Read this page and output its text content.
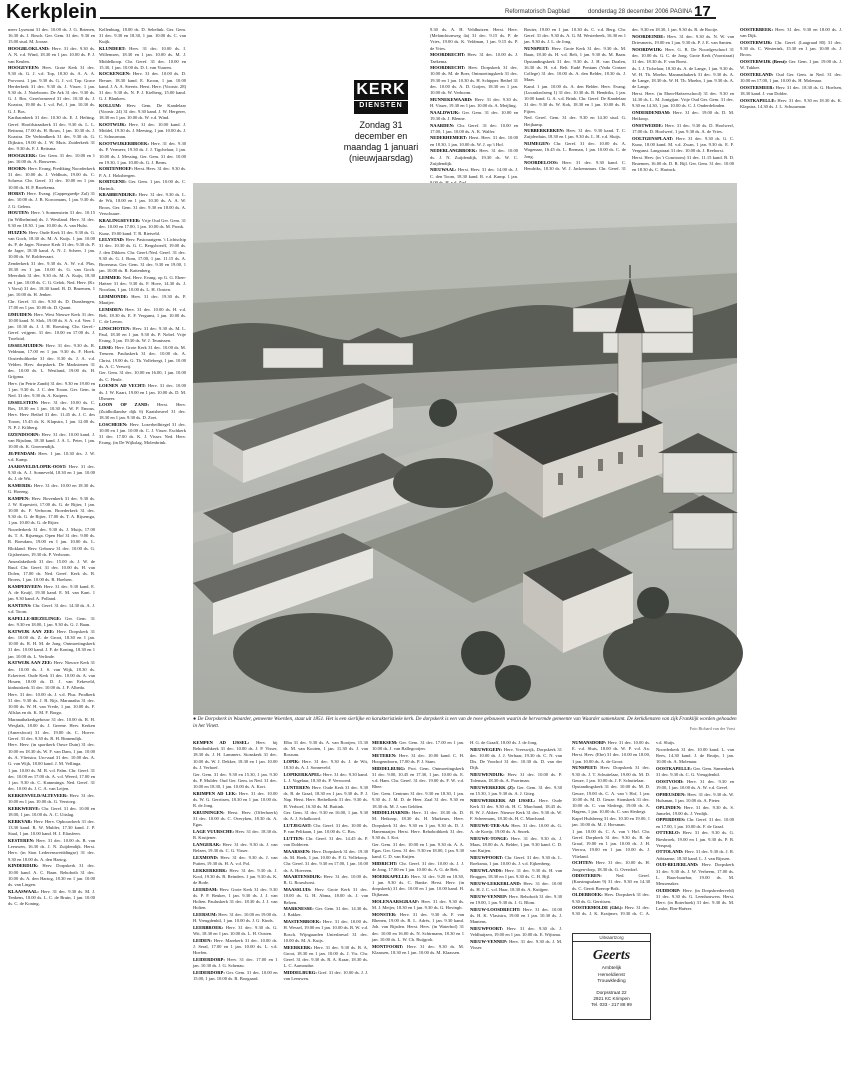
Kerkplein	Reformatorisch Dagblad	donderdag 28 december 2006 PAGINA 17
meer Lyseumi 31 dec. 10.00 ds. J. G. Brienen, 16.30 ds. J. Bosch. Ger. Gem. 31 dec. 9.30 en 15.00 stud. M. Joosse.
HOOGBLOKLAND: Herv. 31 dec. 9.30 ds. A. N. v.d. Wind, 18.30 en 1 jan. 10.00 ds. P. J. van Keulen.
HOOGEVEEN: Herv. Grote Kerk 31 dec. 9.30 ds. G. J. v.d. Top, 18.30 ds. A. A. A. Provoost. 1 jan. 9.30 ds. G. J. v.d. Top. Grace Herderkerk 31 dec. 9.30 ds. J. Visser. 1 jan. 9.30 ds. J. Noteboom. De Ark 31 dec. 9.30 ds. G. J. Bos. Gereformeerd 31 dec. 10.30 ds. J. Koastra, 19.00 ds. I. v.d. Pol, 1 jan. 10.30 ds. G. J. Bos.
Karibaonkerk 31 dec. 10.30 ds. E. J. Hefting. Geref. Hoofdstraatkerk 31 dec. 9.30 ds. L. L. Reitsma, 17.00 ds. H. Bouw, 1 jan. 10.30 ds. J. Koastra. De Verbindkerk 31 dec. 9.30 ds. G. Dijkstra, 19.00 ds. J. W. Muis. Zuiderkerk 31 dec. 9.30 ds. F. J. Reitsma.
HOOGKERK: Ger. Gem. 31 dec. 10.00 en 1 jan. 10.00 ds. A. Bouwens.
HOORN: Herv. Evang. Prediking Noorderkerk 31 dec. 10.00 ds. J. Veldhuis, 19.00 ds. C. Schreur. Chr. Geref. 31 dec. 10.00 en 1 jan. 10.00 ds. H. P. Broekema.
HORST: Herv. Evang. (Cappergaedje Zal) 31 dec. 10.00 ds. J. B. Korcomans, 1 jan. 9.30 ds. J. G. Gelens.
HOUTEN: Herv. 't Sonnenstein 31 dec. 10.15 (in Wilhelmina) ds. J. Westland. Herv. 31 dec. 9.30 en 18.30. 1 jan. 10.00 ds. A. van Hulst.
HUIZEN: Herv. Oude Kerk 31 dec. 9.30 ds. G. van Goch, 18.30 ds. M. A. Kuijs. 1 jan. 10.00 ds. P. de Jager. Nieuwe Kerk 31 dec. 9.30 ds. P. de Jager, 18.30 kand. A. N. J. Scheer, 1 jan. 10.00 ds. W. Roldervaart.
Zenderkerk 31 dec. 9.30 ds. A. W. v.d. Plas, 18.30 en 1 jan. 10.00 ds. G. van Goch. Meerdink 31 dec. 9.30 ds. M. A. Kuijs, 18.30 en 1 jan. 10.00 ds. C. G. Gelok. Ned. Herv. (Kr. 't Vorst) 31 dec. 18.30 kand. B. D. Bruemen, 1 jan. 10.00 ds. H. Jenker.
Chr. Geref. 31 dec. 9.30 ds. D. Dunsbergen, 17.00 en 1 jan. 10.00 ds. D. Quant.
IJMUIDEN: Herv. West Nieuwe Kerk 31 dec. 10.00 kand. N. Slok, 19.00 ds. S. A. v.d. Veer. 1 jan. 10.30 ds. J. J. H. Roesting. Chr. Geref.-Geref. vrijgem. 31 dec. 10.00 en 17.00 ds. J. Troelstal.
IJSSELMUIDEN: Herv. 31 dec. 9.30 ds. R. Veldman, 17.00 en 1 jan. 9.30 ds. F. Hoek. Oosterholtkerke 31 dec. 8.30 ds. J. A. v.d. Velden. Herv. dorpskerk. De Markstenen 31 dec. 10.00 ds. L. Westland, 19.00 ds. H. Grijpma.
Herv. (in Petrie Zandt) 31 dec. 9.30 en 19.00 en 1 jan. 9.30 ds. J. C. den Tooon. Ger. Gem. in Ned. 31 dec. 9.30 ds. A. Kuipers.
IJSSELSTEIN: Herv. 31 dec. 10.00 ds. C. Bos, 18.30 en 1 jan. 10.30 ds. W. P. Emous. Herv. Herv. Bethel 31 dec. 11.45 ds. J. C. des Tooon, 15.45 ds. K. Klapstra, 1 jan. 12.00 ds. N. P. J. Kiliberg.
IJZENDOORN: Herv. 31 dec. 10.00 kand. J. van Rijsdam, 18.30 kand. J. A. L. Peter, 1 jan. 10.00 ds. K. Groenendijk.
JE/PENDAM: Herv. 1 jan. 10.30 drs. J. W. v.d. Kamp.
JAARSVELD/LOPIK-OOST: Herv. 31 dec. 9.30 ds. A. J. Sonneveld, 18.30 en 1 jan. 10.00 ds. J. de Wit.
KAMERIK: Herv. 31 dec. 10.00 en 18.30 ds. G. Hoeeng.
KAMPEN: Herv. Bovenkerk 31 dec. 9.30 ds. J. W. Kopesteit, 17.00 ds. G. de Rijter, 1 jan. 10.00 ds. F. Verboom. Broederkerk 31 dec. 9.30 ds. G. de Rijter, 17.00 ds. T. A. Rijsemga, 1 jan. 10.00 ds. G. de Rijter.
Noorderkerk 31 dec. 9.30 ds. J. Muijs, 17.00 ds. T. A. Rijsemga. Open Hof 31 dec. 9.00 ds. R. Boesdam, 19.00 en 1 jan. 10.00 ds. L. Blokland. Herv. Gebouw 31 dec. 10.00 ds. G. Gijsbertsen, 19.30 ds. P. Verboom.
Ansealakeikerk 31 dec. 15.00 ds. J. W. de Ruuf. Chr. Geref. 31 dec. 10.00 ds. H. van Dolen, 17.00 ds. Ned. Geref. Kerk ds. B. Broers, 1 jan. 10.00 ds. R. Hoelsen.
KAMPERVEEN: Herv. 31 dec. 9.30 kand. E. A. de Kruijf, 19.30 kand. E. M. van Kant. 1 jan. 9.30 kand. A. Polland.
KANTENS: Chr. Geref. 31 dec. 14.30 ds. A. J. v.d. Toorn.
KAPELLE-BIEZELINGE: Ger. Gem. 31 dec. 9.30 en 18.00, 1 jan. 9.30 ds. G. J. Baan.
KATWIJK AAN ZEE: Herv. Dorpskerk 31 dec. 10.00 ds. Z. de Groot, 18.30 en 1 jan. 10.00 ds. R. H. M. de Jong. Ontmoetingskerk 31 dec. 10.00 kand. J. F. de Koning, 18.30 en 1 jan. 10.00 ds. L. Verlinde.
KATWIJK AAN ZEE: Herv. Nieuwe Kerk 31 dec. 10.00 ds. J. S. van Wijk, 18.30 ds. Eckertvei. Oude Kerk 31 dec. 10.00 ds. A. van Houen, 18.00 ds. D. J. van Eekeveld, kinhuiskerk 31 dec. 10.00 ds. J. F. Albeda.
Herv. 31 dec. 10.00 ds. J. v.d. Plus. Prodkerk 31 dec. 9.30 ds. J. B. Rijs. Maranatha 31 dec. 10.00 ds. W. H. van Vrede, 1 jan. 10.00 ds. F. Allslas en ds. K. M. F. Borgo.
Maranathakerkgebouw 31 dec. 10.00 ds. R. H. Wesjlaik, 18.00 ds. J. Greene. Herv. Kerken (Amersfoort) 31 dec. 19.00 ds. C. Hoeve. Geref. 31 dec. 9.30 ds. R. H. Binnendijk.
Herv. Herv. (in sportkerk Ouwe Duin) 31 dec. 10.00 en 18.30 ds. W. F. van Dam, 1 jan. 10.00 ds. A. Vlietstra. Uro-zaal 31 dec. 10.00 drs. A. G. van Wijk, 18.00 kand. J. M. Vellinga.
1 jan. 10.00 ds. M. B. v.d. Palm. Chr. Geref. 31 dec. 10.00 en 17.00 ds. A. v.d. Weerd, 17.00 en 1 jan. 9.30 ds. C. Kamminga. Ned. Geref. 31 dec. 10.00 ds. J. C. A. van Leijen.
KERKENVELD/ALTEVEER: Herv. 31 dec. 10.00 en 1 jan. 10.00 ds. G. Verstoeg.
KERKWERVE: Chr. Geref. 31 dec. 10.00 en 18.00, 1 jan. 10.00 ds. A. C. Uitslag.
KERKVAR: Herv. Herv. Opbouwkerk 31 dec. 13.30 kand. R. W. Mulder, 17.30 kand. J. P. Staal, 1 jan. 10.00 kand. H. J. Eliasfeen.
KESTEREN: Herv. 31 dec. 10.00 ds. B. van Leeuwen, 16.30 ds. J. N. Zuijdendijk. Herst. Herv. (in Sion Lederensweiddingse) 31 dec. 9.30 en 18.00 ds. A. den Hartog.
KINDERDIJK: Herv. Dorpskerk 31 dec. 10.00 kand. A. C. Baan. Rehoboth 31 dec. 10.00 ds. A. den Hartog, 18.30 en 1 jan. 10.00 ds. van Lingen.
KLAASWAAL: Herv. 31 dec. 9.30 ds. M. J. Tenkens, 18.00 ds. L. C. de Bruin, 1 jan. 10.00 ds. C. de Koning.
Kellenburg, 18.00 ds. D. Sebelink. Ger. Gem. 31 dec. 9.30 en 18.30, 1 jan. 10.00 ds. C. van Kuijk.
KLUNDERT: Herv. 31 dec. 10.00 ds. I. Willemsen, 18.30 en 1 jan. 10.00 ds. M. J. Middelkoop. Chr. Geref. 31 dec. 10.00 en 15.30, 1 jan. 10.00 ds. D. I. van Vuuren.
KOCKENGEN: Herv. 31 dec. 10.00 ds. D. Breure, 18.30 kand. E. Kroon, 1 jan. 10.00 kand. J. A. A. Steerts. Herst. Herv. (Voorstr. 28) 31 dec. 9.30 ds. N. P. J. Kielberg, 15.00 kand. G. J. Blankers.
KOLLUM: Herv. Gem. De Kandelaar (Voorstr. 24) 31 dec. 9.30 kand. J. W. Hergerer, 18.30 en 1 jan. 10.00 ds. W. v.d. Wind.
KOOTWIJK: Herv. 31 dec. 10.00 kand. J. Middel, 19.30 ds. J. Meesing, 1 jan. 10.00 ds. J. C. Schuurman.
KOOTWIJKERBROEK: Herv. 31 dec. 9.30 ds. P. Vermeer, 19.30 ds. J. J. Tigchelaar, 1 jan. 10.00 ds. J. Messing. Ger. Gem. 31 dec. 10.00 en 19.30, 1 jan. 10.00 ds. G. J. Berns.
KORTENHOEF: Herst. Herv. 31 dec. 9.30 ds. P. A. J. Hoksbergen.
KORTGENE: Ger. Gem. 1 jan. 10.00 ds. C. Harinck.
KRABBENDIJKE: Herv. 31 dec. 9.30 ds. L. de Wit, 18.00 en 1 jan. 10.30 ds. A. A. W. Broos. Ger. Gem. 31 dec. 9.30 en 18.00 ds. A. Verschuure.
KRALINGSEVEER: Vrije Oud Ger. Gem. 31 dec. 10.00 en 17.00, 1 jan. 10.00 ds. M. Pronk.
Kunz, 19.00 kand. T. R. Rietveld.
LELYSTAD: Herv. Pastoraatgem. 't Lichtschip 31 dec. 10.30 ds. G. C. Bergsboerff, 19.00 ds. J. den Dikken. Chr. Geref./Ned. Geref. 31 dec. 9.30 ds. G. J. Bom, 17.00, 1 jan. 11.15 ds. A. Broersma. Ger. Gem. 31 dec. 9.30 en 19.00, 1 jan. 10.00 ds. R. Kattenberg.
LEMMER: Ned. Herv. Evang. op G. G. Eben-Haëzer 31 dec. 9.30 ds. F. Hove, 14.30 ds. J. Noorlam, 1 jan. 10.00 ds. L. H. Oosten.
LEMMONDE: Herv. 31 dec. 19.30 ds. P. Maaijee.
LEMSDEN: Herv. 31 dec. 10.00 ds. H. v.d. Belt, 18.30 ds. E. F. Vergunst, 1 jan. 10.00 ds. C. de Leeuw.
LINSCHOTEN: Herv. 31 dec. 9.30 ds. M. L. Paul, 18.30 en 1 jan. 9.30 ds. P. Nobel. Vrije Evang. 5 jan. 19.30 ds. W. J. Teunissen.
LISSE: Herv. Grote Kerk 31 dec. 10.00 ds. M. Treuren. Pauluskerk 31 dec. 10.00 ds. A. Christ, 19.00 ds. G. Th. Vollebregt, 1 jan. 10.00 ds. A. C. Verweij.
Ger. Gem. 31 dec. 10.00 en 16.00, 1 jan. 10.00 ds. C. Heule.
LOENEN AD VECHT: Herv. 31 dec. 10.00 ds. J. W. Kaart, 19.00 en 1 jan. 10.00 ds. D. M. IJlsmeer.
LOON OP ZAND: Herst. Herv. (Zuidhollandse dijk 6) Kaatsheuvel 31 dec. 18.30 en 1 jan. 9.30 ds. D. Zoet.
LOSCHEIEN: Herv. Lozerheilbiegel 31 dec. 10.00 en 1 jan. 10.00 ds. C. J. Visser. Eschkerk 31 dec. 17.00 ds. K. J. Visser. Ned. Herv. Evang. (in De Wijkslag, Molenbrink.
9.30 ds. A. H. Veldhuizen. Herst. Herv. (Melanchtonweg 4a) 31 dec. 9.15 ds. P. de Vries, 19.00 ds. K. Veldman, 1 jan. 9.15 ds. P. de Vries.
MOORDRECHT: Herv. 31 dec. 10.00 ds. J. Taekema.
MOORDRECHT: Herv. Dorpskerk 31 dec. 10.00 ds. M. de Boer, Ontmoetingskerk 31 dec. 19.30 en 1 jan. 10.30 ds. H. Schipper. Bethel 31 dec. 10.00 ds. A. D. Goijen, 18.30 en 1 jan. 10.00 ds. W. Verboom.
MUNNEKEWAARD: Herv. 31 dec. 9.30 ds. H. Visser, 19.30 en 1 jan. 10.00 ds. A. Meijling.
NAALDWIJK: Ger. Gem. 31 dec. 10.00 en 19.30 ds. J. Blenne.
NAARDEN: Chr. Geref. 31 dec. 10.00 en 17.00, 1 jan. 10.00 ds. A. K. Walfer.
NEDERHEMERT: Herst. Herv. 31 dec. 10.00 en 18.30, 1 jan. 10.00 ds. W. J. op 't Hof.
NEDERLANGBROEK: Herv. 31 dec. 10.00 ds. J. N. Zuijdendijk, 19.30 ds. W. C. Zuijdendijk.
NIEUWAAL: Herst. Herv. 31 dec. 14.00 ds. J. C. den Toom, 18.30 kand. R. v.d. Kamp. 1 jan.
Bouter, 19.00 en 1 jan. 10.30 ds. C. v.d. Berg. Chr. Geref. 31 dec. 9.30 ds. A. G. M. Westerbeek, 16.30 en 1 jan. 9.30 ds. J. L. de Jong.
NUNSPEET: Herv. Grote Kerk 31 dec. 9.30 ds. M. Baan, 18.30 ds. H. v.d. Belt, 1 jan. 9.30 ds. M. Baan. Opstandingskerk 31 dec. 9.30 ds. J. H. van Doalen, 16.30 ds. H. v.d. Belt. Eudé Pontans (Vada Cortaer College) 31 dec. 10.00 ds. A. den Belder, 18.30 ds. J. Maas.
Kand. 1 jan. 10.00 ds. A. den Belder. Herv. Evang. (Lucaskrolseng 1) 31 dec. 10.30 ds. B. Hendriks, 1 jan. 10.00 kand. G. A. v.d. Brink. Chr. Geref. De Kandelaar 31 dec. 9.30 ds. W. Kok, 18.30 en 1 jan. 10.00 ds. B. Fijten.
Ned. Geref. Gem. 31 dec. 9.30 en 14.30 stud. G. Heijkamp.
NUBBERKERKEN: Herv. 31 dec. 9.30 kand. T. C. Zuijderduin, 18.30 en 1 jan. 9.30 ds. L. H. v.d. Sluijs.
NIJMEGEN: Chr. Geref. 31 dec. 10.00 ds. A. Wagenaar, 16.45 ds. L. Breman, 1 jan. 10.00 ds. C. de Jong.
NOORDELOOS: Herv. 31 dec. 9.30 kand. C. Hendriks, 18.30 ds. W. J. Jackensmars. Chr. Geref. 31 dec. 9.30 en 18.30, 1 jan. 9.30 ds. R. de Rooije.
NOORDEINDE: Herv. 31 dec. 9.30 ds. N. W. van Driesmeris, 19.00 en 1 jan. 9.30 ds. P. J. E. van Santen.
NOORDWIJK: Herv. G. B. De Noordgeschoof 31 dec. 10.00 ds. G. C. de Jong. Grote Kerk (Voorstraat) 31 dec. 18.30 ds. F. van Roest.
ds. I. J. Tichelaar, 18.30 ds. A. de Lange, 1 jan. 9.30 ds. W. H. Th. Moehn. Maranathakerk 31 dec. 9.30 ds. A. de Lange, 18.30 ds. W. H. Th. Moehn, 1 jan. 9.30 ds. A. de Lange.
Herst. Herv. (in Eben-Haëzerschool) 31 dec. 9.30 en 14.30 ds. L. M. Jonigijan. Vrije Oud Ger. Gem. 31 dec. 9.30 en 14.30, 1 jan. 10.00 ds. C. J. Onderdelinden.
ONDERDENDAM: Herv. 31 dec. 19.00 ds. D. M. Heikoop.
ONSTWEDDE: Herv. 31 dec. 9.30 ds. D. Hoolwerf, 17.00 ds. D. Hoolwerf, 1 jan. 9.30 ds. A. de Vries.
OOLTGENSPLAAT: Herv. 31 dec. 9.30 ds. G. C. Kunz, 18.00 kand. M. v.d. Zwan, 1 jan. 9.30 ds. E. F. Vergunst. Langstraat 31 dec. 10.00 ds. J. Reehorst.
Herst. Herv. (in 't Conrtoom) 31 dec. 11.15 kand. B. D. Bruemen, 16.00 ds. D. R. Bijl. Ger. Gem. 31 dec. 10.00 en 18.30 ds. C. Harinck.
OOSTERBEEK: Herv. 31 dec. 9.30 en 18.00 ds. J. van Dijk.
OOSTERWIJK: Chr. Geref. (Laagraad 80) 31 dec. 9.30 ds. C. Westerink, 15.30 en 1 jan. 10.00 ds. J. Broos.
OOSTERWIJK (Beest): Ger. Gem. 1 jan. 19.00 ds. J. W. Tukker.
OOSTERLAND: Oud Ger. Gem. in Ned. 31 dec. 10.00 en 17.00, 1 jan. 10.00 ds. H. Molenaar.
OOSTERMEER: Herv. 31 dec. 18.30 ds. G. Hoelsen, 18.30 kand. J. van Dolder.
OOSTKAPELLE: Herv. 31 dec. 9.30 en 18.30 ds. K. Klapstra, 14.30 ds. J. L. Schuurman.
KEMPEN AD IJSSEL: Herv. bij Rehobothkerk 31 dec. 10.00 ds. J. P. Visser, 18.30 ds. J. H. Lammers. Sionskerk 31 dec. 10.00 ds. W. J. Dekker, 18.30 en 1 jan. 10.00 ds. J. Verhoef.
Ger. Gem. 31 dec. 9.30 en 15.30, 1 jan. 9.30 ds. P. Mulder. Oud Ger. Gem. in Ned. 31 dec. 10.00 en 18.30, 1 jan. 10.00 ds. A. Kort.
KRIMPEN AD LEK: Herv. 31 dec. 10.00 ds. W. G. Gerritsen, 18.30 en 1 jan. 10.00 ds. R. de Jong.
KRUININGEN: Herst. Herv. (Offerhoerk) 31 dec. 10.00 ds. C. Overyken, 18.30 ds. A. Egas.
LAGE VUURSCHE: Herv. 31 dec. 18.30 ds. R. Kruijener.
LANGERAK: Herv. 31 dec. 9.30 ds. J. van Belzen, 19.30 ds. C. G. Visser.
LEXMOND: Herv. 31 dec. 9.30 ds. J. van Putten, 19.30 ds. H. A. v.d. Pol.
LEKKERKERK: Herv. 31 dec. 9.30 ds. J. Kool, 19.30 ds. B. Reinders. 1 jan. 9.30 ds. K. de Bode.
LEERDAM: Herv. Grote Kerk 31 dec. 9.30 ds. P. F. Beuker, 1 jan. 9.30 ds. J. J. van Holten. Pauluskerk 31 dec. 18.30 ds. J. J. van Holten.
LEERSUM: Herv. 31 dec. 10.00 en 19.00 ds. H. Vreugdenhil, 1 jan. 10.00 ds. J. G. Kinds.
LEERBROEK: Herv. 31 dec. 9.30 ds. G. Wit, 18.30 en 1 jan. 10.00 ds. L. H. Oosten.
LEIDEN: Herv. Marekerk 31 dec. 10.00 ds. J. Seral, 17.00 en 1 jan. 10.00 ds. L. v.d. Hoefen.
LEIDERDORP: Herv. 31 dec. 17.00 en 1 jan. 10.30 ds. J. G. Schenau.
LEIDERDORP: Ger. Gem. 31 dec. 10.00 en 15.00, 1 jan. 10.00 ds. R. Boogaard.
Elba 31 dec. 9.30 ds. A. van Rooijen, 15.30 ds. M. van Kooten, 1 jan. 11.30 ds. J. van Rossum.
LOPIK: Herv. 31 dec. 9.30 ds. J. de Wit, 18.30 ds. A. J. Sonneveld.
LOPIKERKAPEL: Herv. 31 dec. 9.30 kand. L. J. Vogelaar, 18.30 ds. P. Verwoerd.
LUNTEREN: Herv. Oude Kerk 31 dec. 9.30 ds. B. de Graaf, 18.30 en 1 jan. 9.30 ds. P. J. Nap. Herst. Herv. Bethelkerk 31 dec. 9.30 ds. H. Verhoef, 16.30 ds. M. Buitink.
Ger. Gem. 31 dec. 9.30 en 16.00, 1 jan. 9.30 ds. A. J. Schalkoord.
LUTJEGAST: Chr. Geref. 31 dec. 10.00 ds. P. van Pelikaan, 1 jan. 10.00 ds. C. Bos.
LUTTEN: Chr. Geref. 31 dec. 14.45 ds. P. van Dolderen.
MAARSSEN: Herv. Dorpskerk 31 dec. 19.30 ds. M. Hoek, 1 jan. 10.00 ds. P. G. Vellekoop. Chr. Geref. 31 dec. 9.30 en 17.00, 1 jan. 10.00 ds. A. Hoeveen.
MAARTENSDIJK: Herv. 31 dec. 10.00 ds. B. G. Rouwhorst.
MAASSLUIS: Herv. Grote Kerk 31 dec. 10.00 ds. G. H. Abma, 18.00 ds. J. van Belzen.
MARKNESSE: Ger. Gem. 31 dec. 14.30 ds. J. Bakker.
MASTENBROEK: Herv. 31 dec. 10.00 ds. H. Wessel, 19.00 en 1 jan. 10.00 ds. B. W. v.d. Bosch. Wijngaarden Uniesbresol 31 dec. 10.00 ds. M. A. Kuijs.
MEERKERK: Herv. 31 dec. 9.30 ds. B. A. Groot, 18.30 en 1 jan. 10.00 ds. J. Vis. Chr. Geref. 31 dec. 9.30 ds. R. A. Kraar, 18.30 ds. L. C. Aarnoudse.
MIDDELBURG: Gref. 31 dec. 10.00 ds. J. J. van Leeuwen.
MERKSEM: Ger. Gem. 31 dec. 17.00 en 1 jan. 10.00 ds. J. van Ballegooijen.
METEREN: Herv. 31 dec. 10.00 kand. C. H. Hoogendoorn, 17.00 ds. P. J. Stam.
MIDDELBURG: Prot. Gem. Ontmoetingskerk 31 dec. 9.00, 10.45 en 17.30, 1 jan. 10.00 ds. E. v.d. Ham. Chr. Geref. 31 dec. 19.00 ds. F. W. v.d. Rhee.
Ger. Gem. Centrum 31 dec. 9.30 en 18.30, 1 jan. 9.30 ds. J. M. D. de Heer. Zaal 31 dec. 9.30 en 18.30 ds. M. J. van Geldten.
MIDDELHARNIS: Herv. 31 dec. 18.30 ds. D. M. Heikoop, 18.30 ds. H. Markeurs. Herv. Dorpskerk 31 dec. 9.30 en 1 jan. 9.30 ds. D. J. Hanemaaijer. Herst. Herv. Rehobothkerk 31 dec. 9.30 ds. I. Kot.
Ger. Gem. 31 dec. 10.00 en 1 jan. 9.30 ds. A. A. Egas. Ger. Gem. 31 dec. 9.30 en 18.00, 1 jan. 9.30 kand. C. D. van Kuijen.
MIDRICHT: Chr. Geref. 31 dec. 10.00 ds. J. J. de Jong, 17.00 en 1 jan. 10.00 ds. A. G. de Rek.
MOERKAPELLE: Herv. 31 dec. 9.20 en 18.30, 1 jan. 9.30 ds. C. Banke. Herst. Herv. (in dorpskerk) 31 dec. 10.00 en 1 jan. 10.00 kand. H. Dijkman.
MOLENAARSGRAAF: Herv. 31 dec. 9.30 ds. M. J. Meijer, 18.30 en 1 jan. 9.30 ds. G. Hovingh.
MONSTER: Herv. 31 dec. 9.30 ds. F. van Rhenen, 19.00 ds. R. L. Adrés, 1 jan. 9.30 kand. Joh. van Rijsden. Herst. Herv. (in Waterhof) 31 dec. 10.00 en 16.00 ds. N. Schirmann, 18.30 en 1 jan. 10.00 ds. L. W. Ch. Ruijgrok.
MONTFOORT: Herv. 31 dec. 9.30 ds. M. Klaassen, 18.30 en 1 jan. 10.00 ds. M. Klaassen.
H. G. de Graaff, 18.00 ds. J. de Jong.
NIEUWEGEIN: Herv. Vreeswijk, Dorpskerk 31 dec. 10.00 ds. J. J. Verhaar, 19.30 ds. C. N. van Dis. De Voorhof 31 dec. 10.30 ds. D. van der Dijk.
NIEUWENDIJK: Herv. 31 dec. 10.00 ds. P. Toleman, 18.30 ds. A. Poortman.
NIEUWERKERK (Z): Ger. Gem. 31 dec. 9.30 en 15.30, 1 jan. 9.30 ds. A. J. Giteg.
NIEUWERKERK AD IJSSEL: Herv. Oude Kerk 31 dec. 9.30 ds. H. C. Marchand, 18.45 ds. B. W. J. Ahkee. Nieuwe Kerk 31 dec. 9.30 ds. W. F. Scheemans, 18.30 ds. H. C. Marchand.
NIEUWE-TER-AA: Herv. 31 dec. 10.00 ds. G. A. de Koeijr, 19.00 ds. A. Snoek.
NIEUWE-TONGE: Herv. 31 dec. 9.30 ds. J. Maas, 18.00 ds. A. Belder, 1 jan. 9.30 kand. C. D. van Kuijen.
NIEUWPOORT: Chr. Geref. 31 dec. 9.30 ds. L. Roeksma, 1 jan. 10.00 ds. J. v.d. Eijkenberg.
NIEUWLANDS: Herv. 31 dec. 9.30 ds. H. van Bruggen, 18.30 en 1 jan. 9.30 ds. C. H. Bijl.
NIEUW-LEKKERLAND: Herv. 31 dec. 10.00 ds. H. J. C. v.d. Haar, 18.30 ds. A. Kuiijper.
NIEUW-VENNEP: Herv. Rehoboth 31 dec. 9.30 en 19.00, 1 jan. 9.30 ds. J. G. Blom.
NIEUW-LOOSDRECHT: Herv. 31 dec. 10.00 ds. H. K. Vlaststra, 19.00 en 1 jan. 10.30 ds. J. Mantens.
NIEUWPOORT: Herv. 31 dec. 9.30 ds. J. Veldhuijzen, 19.00 en 1 jan. 10.00 ds. E. Wijtsma.
NIEUW-VENNEP: Herv. 31 dec. 9.30 ds. J. M. Visser.
NUMANSDORP: Herv. 31 dec. 10.00 ds. E. v.d. Sluis, 18.00 ds. W. P. v.d. Ax. Herst. Herv. (Ebe) 31 dec. 10.00 en 18.00, 1 jan. 10.00 ds. A. de Groot.
NUNSPEET: Herv. Dorpskerk 31 dec. 9.30 ds. J. T. Schuttelaar, 19.00 ds. M. D. Geuze, 1 jan. 10.00 ds. J. F. Schuttelaar.
Opstandingskerk 31 dec. 10.00 ds. M. D. Geuze, 19.00 ds. C. A. van 't Hof, 1 jan. 10.00 ds. M. D. Geuze. Sionskerk 31 dec. 10.00 ds. C. van Sledregt, 19.00 ds. A. Hagens, 1 jan. 10.00 ds. C. van Sledregt.
Kapel Hulsbeerg 31 dec. 10.30 en 19.00, 1 jan. 10.00 ds. M. J. Horsman.
1 jan. 10.00 ds. C. A. van 't Hof. Chr. Geref. Dorpkerk 31 dec. 9.30 ds. B. de Graaf, 19.00 en 1 jan. 10.00 ds. J. H. Vierwa, 19.00 en 1 jan. 10.00 ds. J. Vlieland.
OCHTEN: Herv. 31 dec. 10.00 ds. H. Joogen-dorp, 18.30 ds. G. Overdorf.
ODDSTEREN:	Ned. Geref. (Karsimgsalaan 9) 31 dec. 9.30 en 14.30 ds. C. Gerrit Boerop-Brik.
OLDEBROEK: Herv. Dorpskerk 31 dec. 9.30 ds. G. Gerritsen.
OOSTERMOLDE (Gld.): Herv. 31 dec. 9.30 ds. J. K. Kraijmer, 19.30 ds. C. A. v.d. Sluijs.
Noorderkerk 31 dec. 10.00 kand. L. van Rees, 14.30 kand. J. de Bruijn, 1 jan. 10.00 ds. A. Molenaar.
OOSTKAPELLE: Ger. Gem. Samenkerk 31 dec. 9.30 ds. C. G. Vreugdenhil.
OOSTVOOD: Herv. 31 dec. 9.30 en 19.00, 1 jan. 10.00 ds. A. W. v.d. Gevel.
OPHEUSDEN: Herv. 31 dec. 9.30 ds. W. Hulsman, 1 jan. 10.00 ds. A. Pieter.
OPLINDEN: Herv. 31 dec. 9.30 ds. S. Jumelet, 19.00 ds. J. Verdijk.
OPPERDOES: Chr. Geref. 31 dec. 10.00 en 17.00, 1 jan. 10.00 ds. F. de Graaf.
OTTERLO: Herv. 31 dec. 9.30 ds. G. Biesbroek, 19.00 en 1 jan. 9.30 ds. P. B. Verspuij.
OTTOLAND: Herv. 31 dec. 9.30 ds. J. R. Adriaanse, 18.30 kand. L. J. van Rijssen.
OUD-BEIJERLAND: Herv. Dorpskerk 31 dec. 9.30 ds. J. W. Verheem, 17.00 ds. L. Baas-huurbar, 19.00 ds. M. Meusenaker.
OUDDORP: Herv. (in Dorpsbrederveld) 31 dec. 9.30 ds. G. Leenhouwers. Herst. Herv. (in Boterhoek) 31 dec. 9.30 ds. M. Leuke, Ebn-Haëzer.
KERK
DIENSTEN
Zondag 31 december en maandag 1 januari (nieuwjaarsdag)
● De Dorpskerk in Waarder, gemeente Woerden, staat uit 1851. Het is een sierlijke en karakteristieke kerk. De dorpskerk is een van de twee gebouwen waarin de hervormde gemeente van Waarder samenkomt. De kerkdiensten van zijk Franklijk worden gehouden in het Vinett.	Foto Richard van der Vorst
Uitvaartzorg
Geerts
Ambtelijk
Hemeldienst
Trouwkleding
Dorpsstraat 22
2921 KC Krimpen
Tel. 033 - 217 88 99
